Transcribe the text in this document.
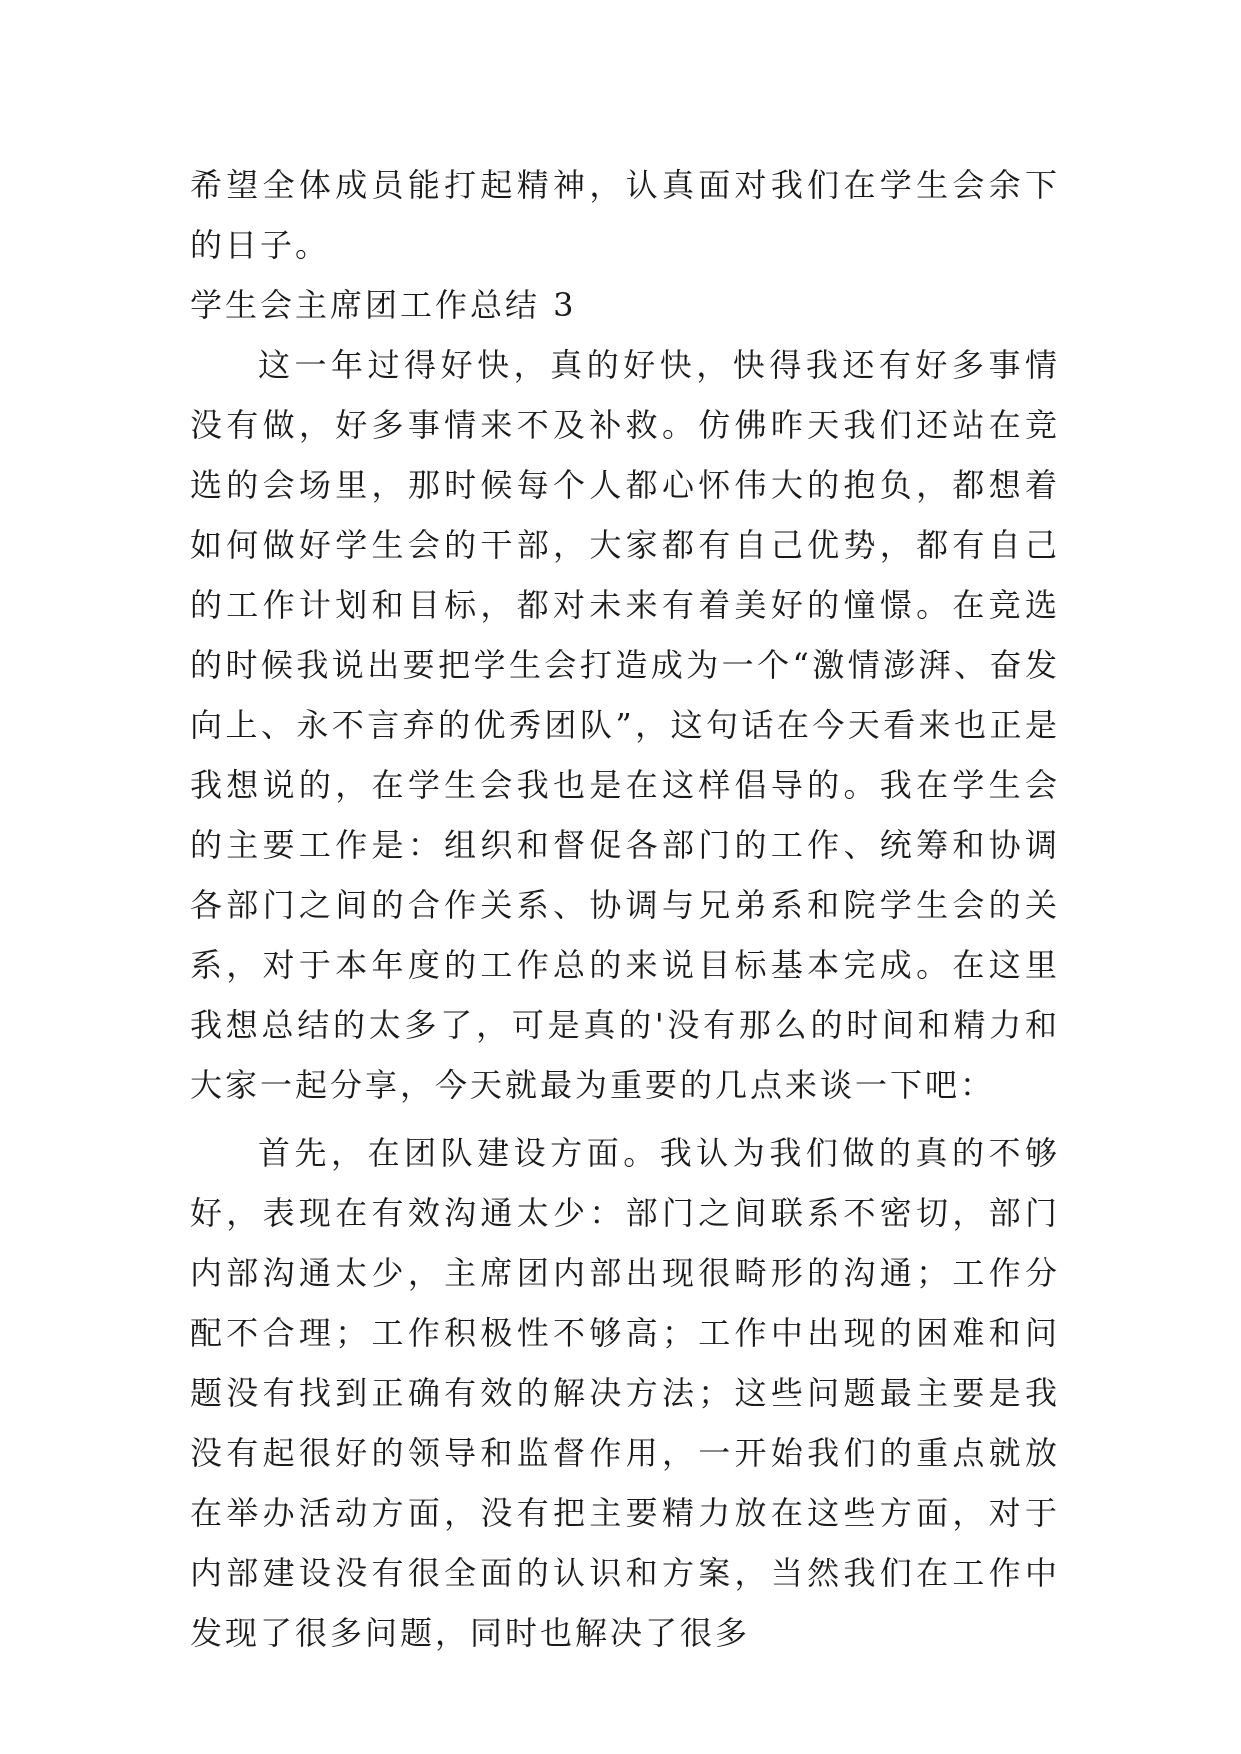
希望全体成员能打起精神，认真面对我们在学生会余下的日子。

学生会主席团工作总结 3

这一年过得好快，真的好快，快得我还有好多事情没有做，好多事情来不及补救。仿佛昨天我们还站在竞选的会场里，那时候每个人都心怀伟大的抱负，都想着如何做好学生会的干部，大家都有自己优势，都有自己的工作计划和目标，都对未来有着美好的憧憬。在竞选的时候我说出要把学生会打造成为一个“激情澎湃、奋发向上、永不言弃的优秀团队”，这句话在今天看来也正是我想说的，在学生会我也是在这样倡导的。我在学生会的主要工作是：组织和督促各部门的工作、统筹和协调各部门之间的合作关系、协调与兄弟系和院学生会的关系，对于本年度的工作总的来说目标基本完成。在这里我想总结的太多了，可是真的'没有那么的时间和精力和大家一起分享，今天就最为重要的几点来谈一下吧：

首先，在团队建设方面。我认为我们做的真的不够好，表现在有效沟通太少：部门之间联系不密切，部门内部沟通太少，主席团内部出现很畸形的沟通；工作分配不合理；工作积极性不够高；工作中出现的困难和问题没有找到正确有效的解决方法；这些问题最主要是我没有起很好的领导和监督作用，一开始我们的重点就放在举办活动方面，没有把主要精力放在这些方面，对于内部建设没有很全面的认识和方案，当然我们在工作中发现了很多问题，同时也解决了很多
